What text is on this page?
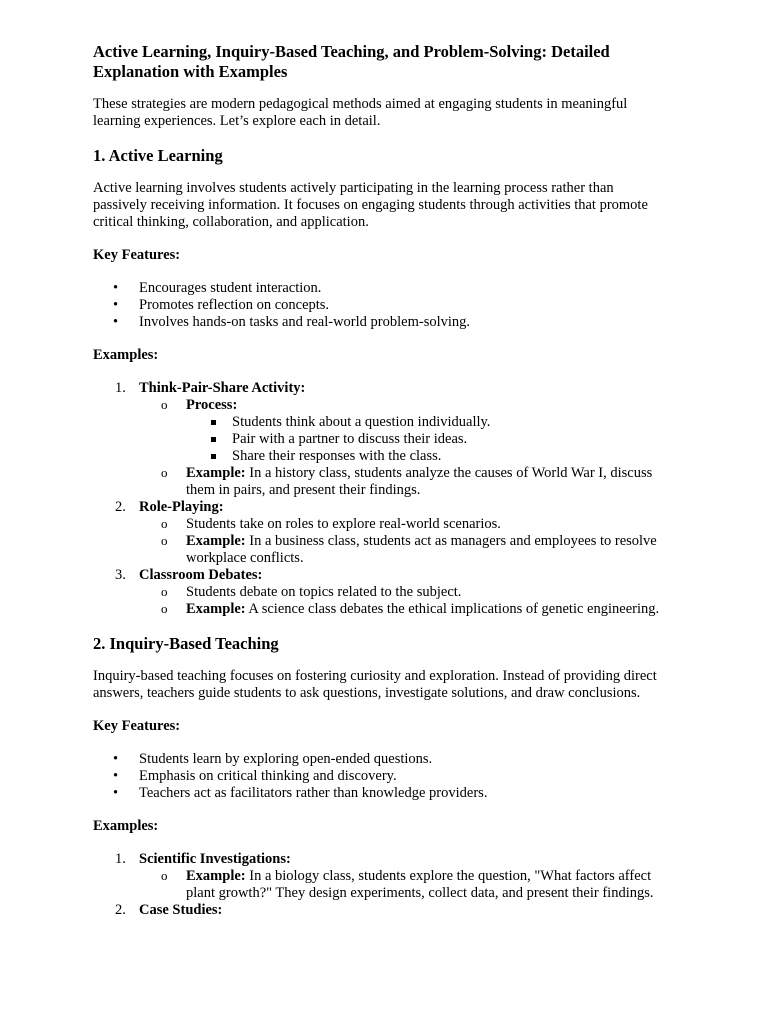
Active Learning, Inquiry-Based Teaching, and Problem-Solving: Detailed Explanation with Examples

These strategies are modern pedagogical methods aimed at engaging students in meaningful learning experiences. Let’s explore each in detail.

1. Active Learning

Active learning involves students actively participating in the learning process rather than passively receiving information. It focuses on engaging students through activities that promote critical thinking, collaboration, and application.

Key Features:
• Encourages student interaction.
• Promotes reflection on concepts.
• Involves hands-on tasks and real-world problem-solving.
Examples:
1. Think-Pair-Share Activity:
o Process:
Students think about a question individually.
Pair with a partner to discuss their ideas.
Share their responses with the class.
o Example: In a history class, students analyze the causes of World War I, discuss them in pairs, and present their findings.
2. Role-Playing:
o Students take on roles to explore real-world scenarios.
o Example: In a business class, students act as managers and employees to resolve workplace conflicts.
3. Classroom Debates:
o Students debate on topics related to the subject.
o Example: A science class debates the ethical implications of genetic engineering.
2. Inquiry-Based Teaching

Inquiry-based teaching focuses on fostering curiosity and exploration. Instead of providing direct answers, teachers guide students to ask questions, investigate solutions, and draw conclusions.

Key Features:
• Students learn by exploring open-ended questions.
• Emphasis on critical thinking and discovery.
• Teachers act as facilitators rather than knowledge providers.
Examples:
1. Scientific Investigations:
o Example: In a biology class, students explore the question, "What factors affect plant growth?" They design experiments, collect data, and present their findings.
2. Case Studies:
